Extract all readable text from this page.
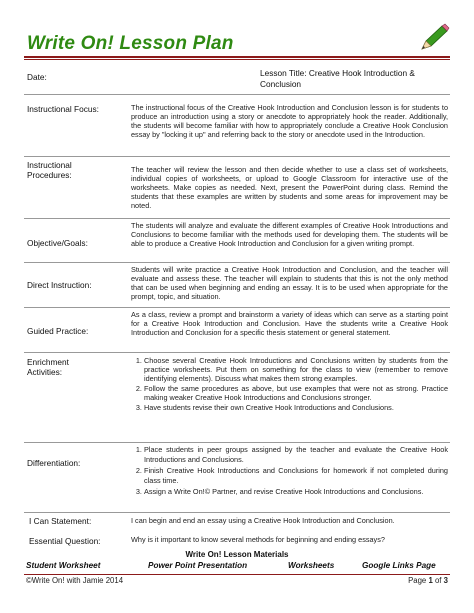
Write On! Lesson Plan
Date:	Lesson Title: Creative Hook Introduction & Conclusion
Instructional Focus:	The instructional focus of the Creative Hook Introduction and Conclusion lesson is for students to produce an introduction using a story or anecdote to appropriately hook the reader. Additionally, the students will become familiar with how to appropriately conclude a Creative Hook Conclusion essay by "locking it up" and referring back to the story or anecdote used in the Introduction.
Instructional Procedures:
The teacher will review the lesson and then decide whether to use a class set of worksheets, individual copies of worksheets, or upload to Google Classroom for interactive use of the worksheets. Make copies as needed. Next, present the PowerPoint during class. Remind the students that these examples are written by students and some areas for improvement may be noted.
Objective/Goals:
The students will analyze and evaluate the different examples of Creative Hook Introductions and Conclusions to become familiar with the methods used for developing them. The students will be able to produce a Creative Hook Introduction and Conclusion for a given writing prompt.
Direct Instruction:
Students will write practice a Creative Hook Introduction and Conclusion, and the teacher will evaluate and assess these. The teacher will explain to students that this is not the only method that can be used when beginning and ending an essay. It is to be used when appropriate for the prompt, topic, and situation.
Guided Practice:
As a class, review a prompt and brainstorm a variety of ideas which can serve as a starting point for a Creative Hook Introduction and Conclusion. Have the students write a Creative Hook Introduction and Conclusion for a specific thesis statement or general statement.
Enrichment Activities:
1. Choose several Creative Hook Introductions and Conclusions written by students from the practice worksheets. Put them on something for the class to view (remember to remove identifying elements). Discuss what makes them strong examples.
2. Follow the same procedures as above, but use examples that were not as strong. Practice making weaker Creative Hook Introductions and Conclusions stronger.
3. Have students revise their own Creative Hook Introductions and Conclusions.
Differentiation:
1. Place students in peer groups assigned by the teacher and evaluate the Creative Hook Introductions and Conclusions.
2. Finish Creative Hook Introductions and Conclusions for homework if not completed during class time.
3. Assign a Write On!© Partner, and revise Creative Hook Introductions and Conclusions.
I Can Statement:	I can begin and end an essay using a Creative Hook Introduction and Conclusion.
Essential Question:	Why is it important to know several methods for beginning and ending essays?
Write On! Lesson Materials
Student Worksheet	Power Point Presentation	Worksheets	Google Links Page
©Write On! with Jamie 2014	Page 1 of 3
